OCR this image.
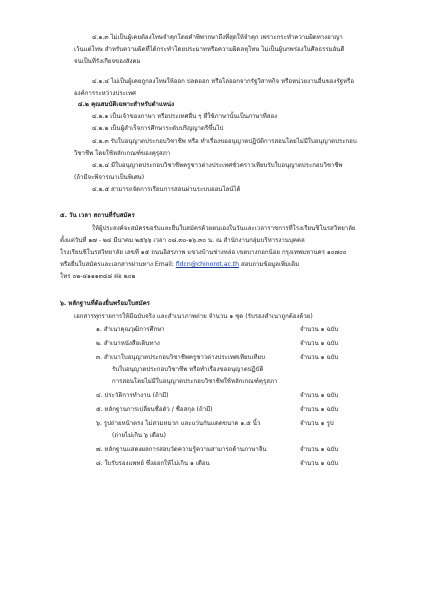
๔.๑.๓ ไม่เป็นผู้เคยต้องโทษจำคุกโดยคำพิพากษาถึงที่สุดให้จำคุก เพราะกระทำความผิดทางอาญา
เว้นแต่โทษ สำหรับความผิดที่ได้กระทำโดยประมาทหรือความผิดลหุโทษ ไม่เป็นผู้บกพร่องในศีลธรรมอันดี
จนเป็นที่รังเกียจของสังคม
๔.๑.๔ ไม่เป็นผู้เคยถูกลงโทษให้ออก ปลดออก หรือไล่ออกจากรัฐวิสาหกิจ หรือหน่วยงานอื่นของรัฐหรือ
องค์การระหว่างประเทศ
๔.๒ คุณสมบัติเฉพาะสำหรับตำแหน่ง
๔.๒.๑ เป็นเจ้าของภาษา หรือประเทศอื่น ๆ ที่ใช้ภาษานั้นเป็นภาษาที่สอง
๔.๒.๒ เป็นผู้สำเร็จการศึกษาระดับปริญญาตรีขึ้นไป
๔.๒.๓ รับใบอนุญาตประกอบวิชาชีพ หรือ ทำเรื่องขออนุญาตปฏิบัติการสอนโดยไม่มีใบอนุญาตประกอบ
วิชาชีพ โดยใช้หลักเกณฑ์ของคุรุสภา
๔.๒.๔ มีใบอนุญาตประกอบวิชาชีพครูชาวต่างประเทศชั่วคราวเทียบรับใบอนุญาตประกอบวิชาชีพ
(ถ้ามีจะพิจารณาเป็นพิเศษ)
๔.๒.๕ สามารถจัดการเรียนการสอนผ่านระบบออนไลน์ได้
๕. วัน เวลา สถานที่รับสมัคร
ให้ผู้ประสงค์จะสมัครขอรับและยื่นใบสมัครด้วยตนเองในวันและเวลาราชการที่โรงเรียนชิโนรสวิทยาลัย
ตั้งแต่วันที่ ๑๗ - ๒๔ มีนาคม ๒๕๖๖ เวลา ๐๘.๓๐-๑๖.๓๐ น. ณ สำนักงานกลุ่มบริหารงานบุคคล
โรงเรียนชิโนรสวิทยาลัย เลขที่ ๑๕ ถนนอิสรภาพ แขวงบ้านช่างหล่อ เขตบางกอกน้อย กรุงเทพมหานคร ๑๐๗๐๐
หรือยื่นใบสมัครและเอกสารผ่านทาง Email: fldcn@chinorot.ac.th สอบถามข้อมูลเพิ่มเติม
โทร ๐๒-๔๑๑๑๓๔๘ ต่อ ๒๐๒
๖. หลักฐานที่ต้องยื่นพร้อมใบสมัคร
เอกสารทุกรายการให้มีฉบับจริง และสำเนาภาพถ่าย จำนวน ๑ ชุด (รับรองสำเนาถูกต้องด้วย)
๑. สำเนาคุณวุฒิการศึกษา	จำนวน ๑ ฉบับ
๒. สำเนาหนังสือเดินทาง	จำนวน ๑ ฉบับ
๓. สำเนาใบอนุญาตประกอบวิชาชีพครูชาวต่างประเทศเทียบเทียบ	จำนวน ๑ ฉบับ
รับใบอนุญาตประกอบวิชาชีพ หรือทำเรื่องขออนุญาตปฏิบัติ
การสอนโดยไม่มีใบอนุญาตประกอบวิชาชีพใช้หลักเกณฑ์คุรุสภา
๔. ประวัติการทำงาน (ถ้ามี)	จำนวน ๑ ฉบับ
๕. หลักฐานการเปลี่ยนชื่อตัว / ชื่อสกุล (ถ้ามี)	จำนวน ๑ ฉบับ
๖. รูปถ่ายหน้าตรง ไม่สวมหมวก และแว่นกันแดดขนาด ๑.๕ นิ้ว	จำนวน ๑ รูป
(ถ่ายไม่เกิน ๖ เดือน)
๗. หลักฐานแสดงผลการสอบวัดความรู้ความสามารถด้านภาษาจีน	จำนวน ๑ ฉบับ
๘. ใบรับรองแพทย์ ซึ่งออกให้ไม่เกิน ๑ เดือน	จำนวน ๑ ฉบับ
